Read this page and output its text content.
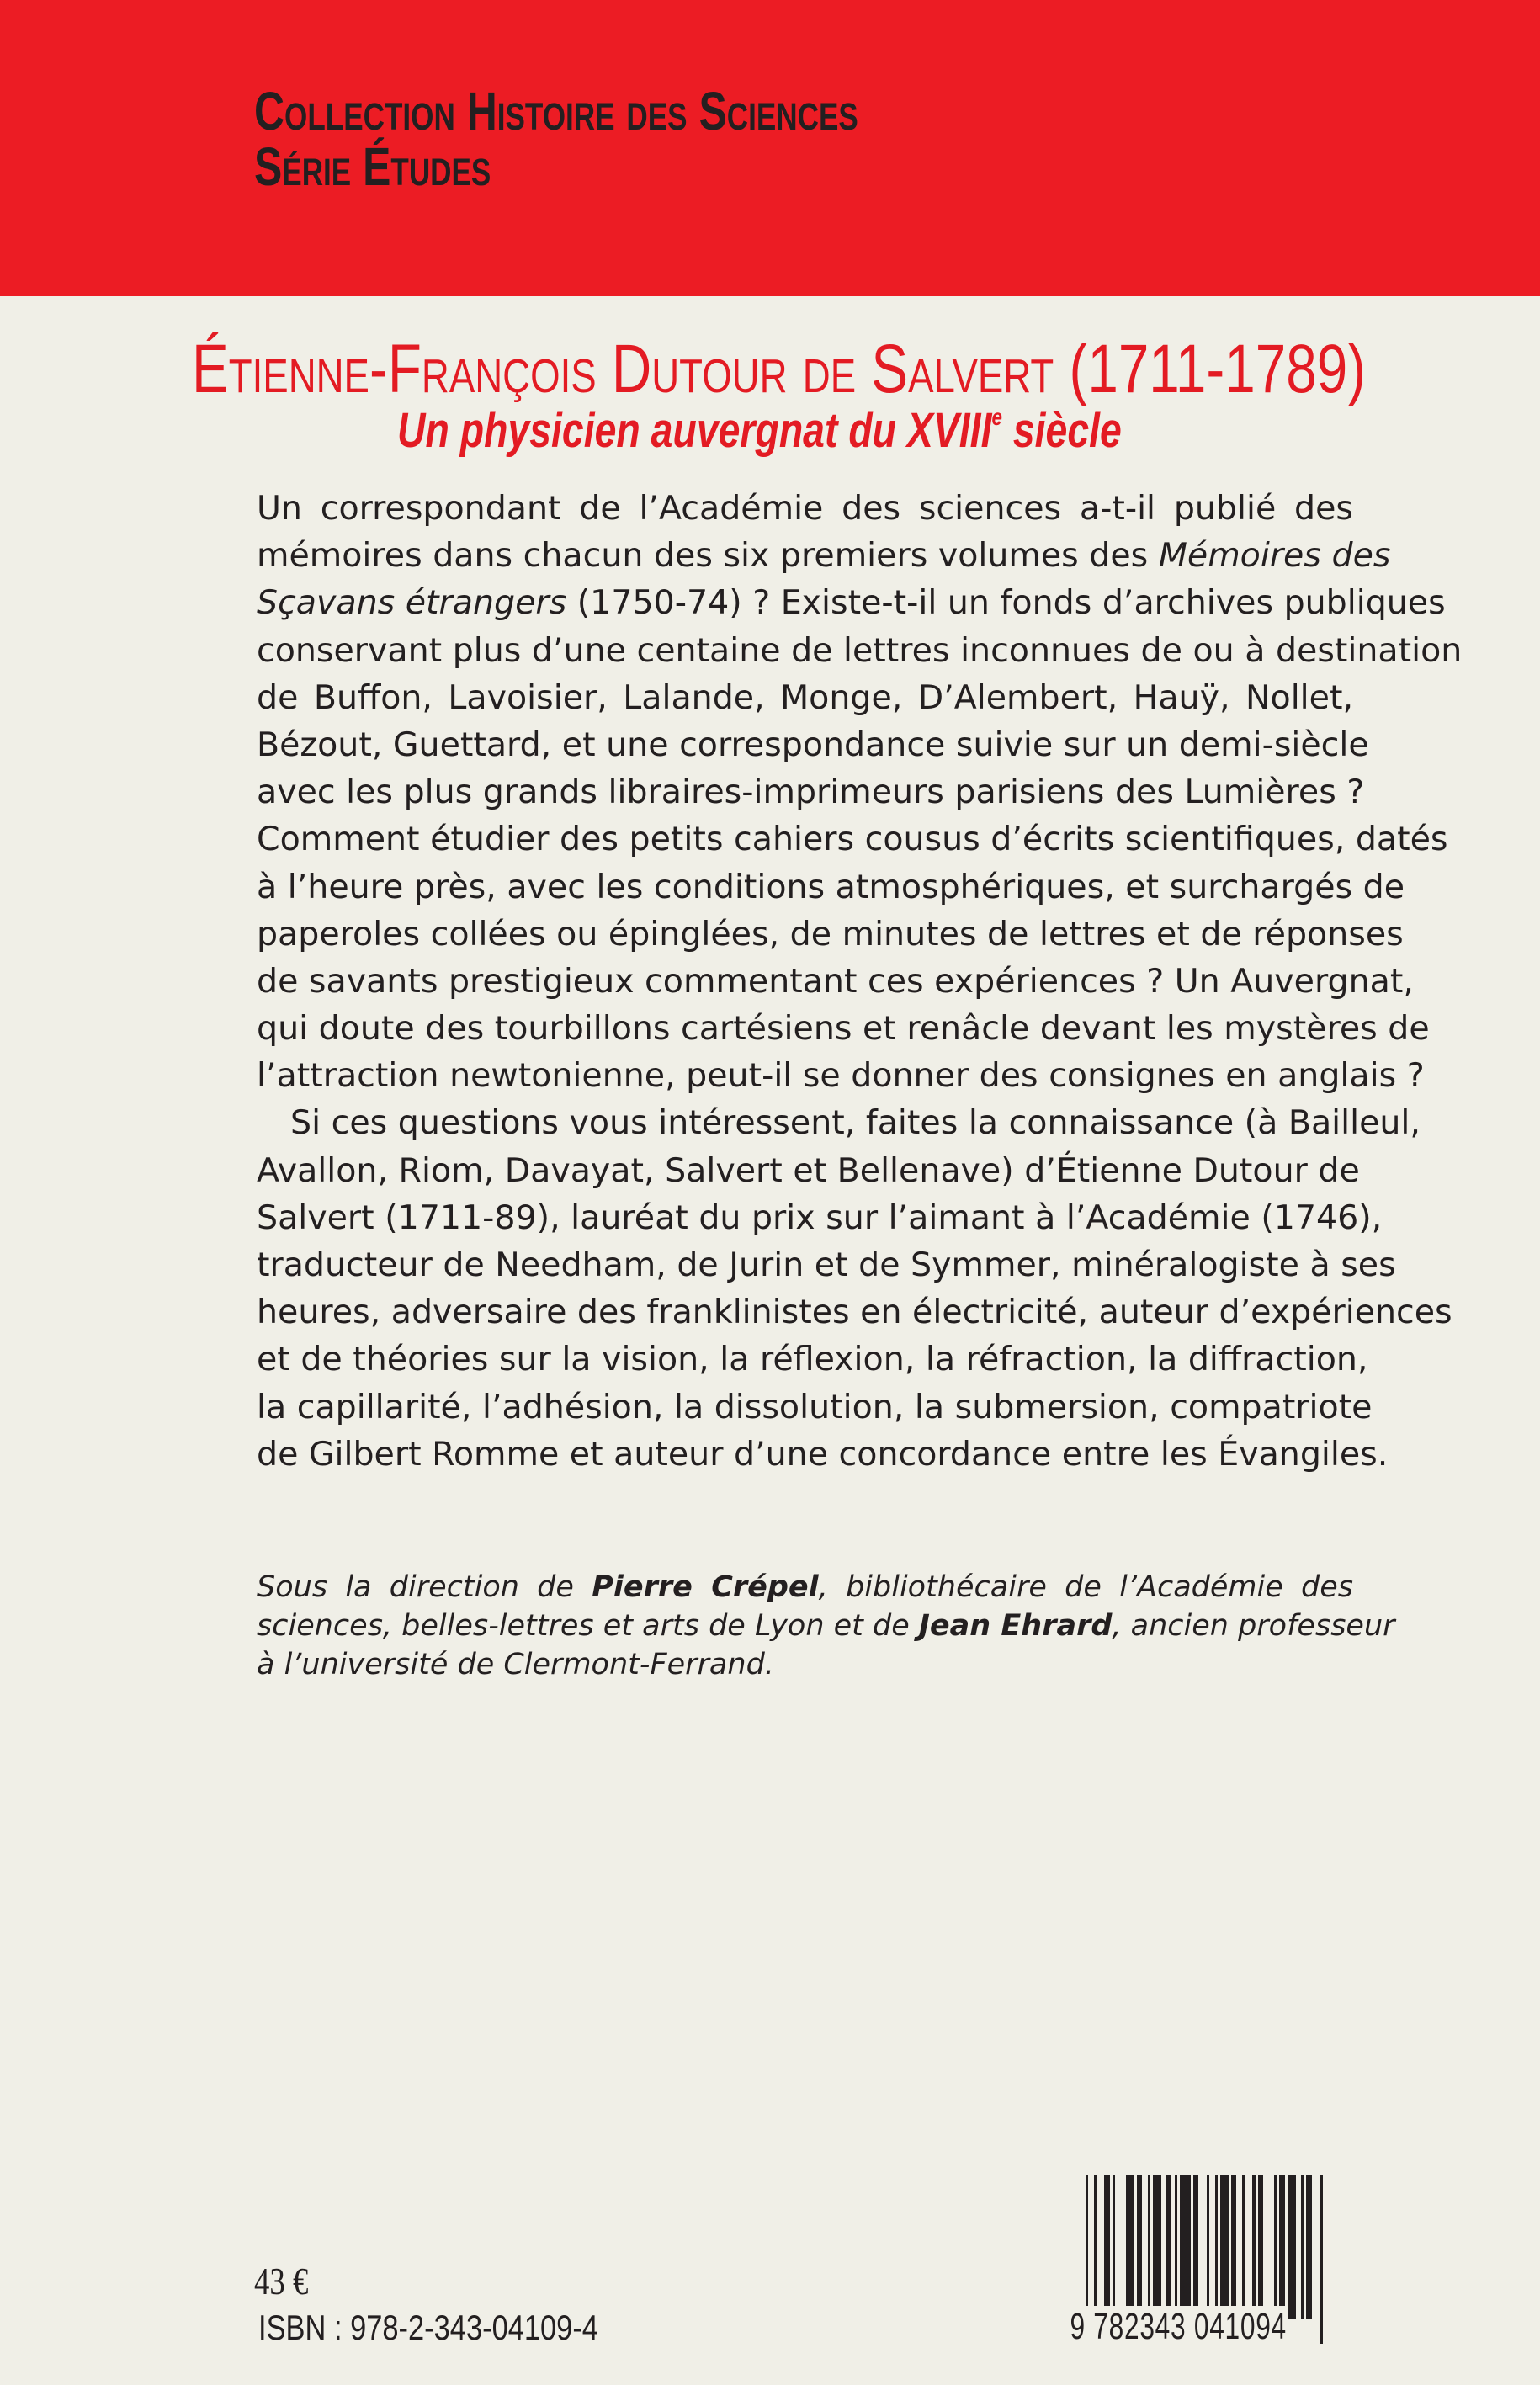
Collection Histoire des Sciences
Série Études
Étienne-François Dutour de Salvert (1711-1789)
Un physicien auvergnat du XVIIIe siècle
Un correspondant de l’Académie des sciences a-t-il publié des
mémoires dans chacun des six premiers volumes des Mémoires des
Sçavans étrangers (1750-74) ? Existe-t-il un fonds d’archives publiques
conservant plus d’une centaine de lettres inconnues de ou à destination
de Buffon, Lavoisier, Lalande, Monge, D’Alembert, Hauÿ, Nollet,
Bézout, Guettard, et une correspondance suivie sur un demi-siècle
avec les plus grands libraires-imprimeurs parisiens des Lumières ?
Comment étudier des petits cahiers cousus d’écrits scientifiques, datés
à l’heure près, avec les conditions atmosphériques, et surchargés de
paperoles collées ou épinglées, de minutes de lettres et de réponses
de savants prestigieux commentant ces expériences ? Un Auvergnat,
qui doute des tourbillons cartésiens et renâcle devant les mystères de
l’attraction newtonienne, peut-il se donner des consignes en anglais ?
Si ces questions vous intéressent, faites la connaissance (à Bailleul,
Avallon, Riom, Davayat, Salvert et Bellenave) d’Étienne Dutour de
Salvert (1711-89), lauréat du prix sur l’aimant à l’Académie (1746),
traducteur de Needham, de Jurin et de Symmer, minéralogiste à ses
heures, adversaire des franklinistes en électricité, auteur d’expériences
et de théories sur la vision, la réflexion, la réfraction, la diffraction,
la capillarité, l’adhésion, la dissolution, la submersion, compatriote
de Gilbert Romme et auteur d’une concordance entre les Évangiles.
Sous la direction de Pierre Crépel, bibliothécaire de l’Académie des
sciences, belles-lettres et arts de Lyon et de Jean Ehrard, ancien professeur
à l’université de Clermont-Ferrand.
43 €
ISBN : 978-2-343-04109-4	9 782343 041094
